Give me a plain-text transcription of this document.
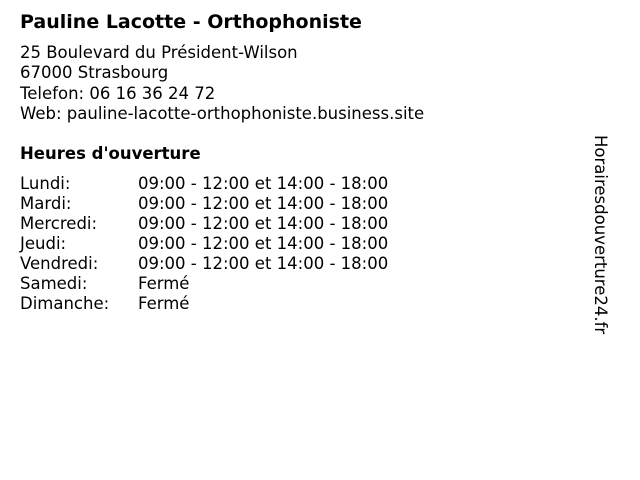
Pauline Lacotte - Orthophoniste
25 Boulevard du Président-Wilson
67000 Strasbourg
Telefon: 06 16 36 24 72
Web: pauline-lacotte-orthophoniste.business.site
Heures d'ouverture
Lundi:	09:00 - 12:00 et 14:00 - 18:00
Mardi:	09:00 - 12:00 et 14:00 - 18:00
Mercredi:	09:00 - 12:00 et 14:00 - 18:00
Jeudi:	09:00 - 12:00 et 14:00 - 18:00
Vendredi:	09:00 - 12:00 et 14:00 - 18:00
Samedi:	Fermé
Dimanche:	Fermé	Horairesdouverture24.fr
